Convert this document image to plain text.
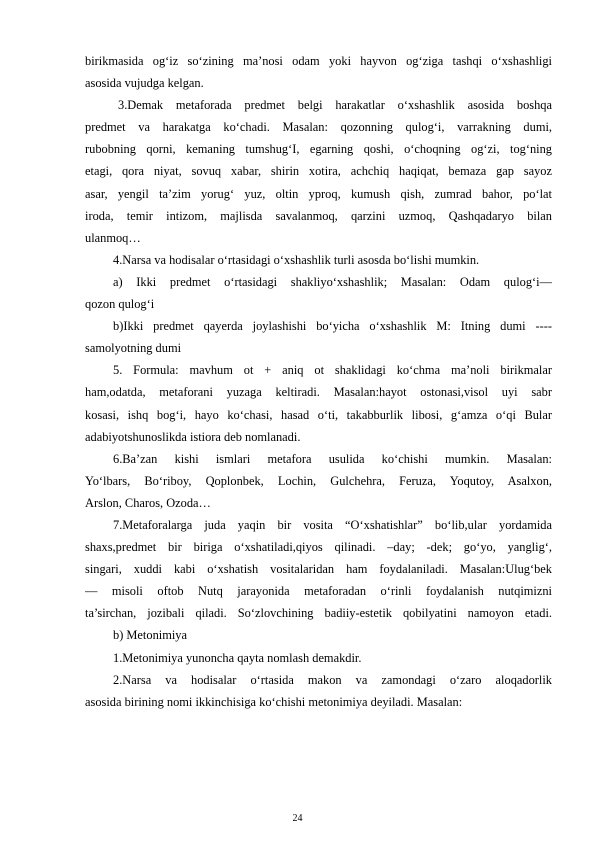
birikmasida og‘iz so‘zining ma’nosi odam yoki hayvon og‘ziga tashqi o‘xshashligi
asosida vujudga kelgan.
3.Demak metaforada predmet belgi harakatlar o‘xshashlik asosida boshqa
predmet va harakatga ko‘chadi. Masalan: qozonning qulog‘i, varrakning dumi,
rubobning qorni, kemaning tumshug‘I, egarning qoshi, o‘choqning og‘zi, tog‘ning
etagi, qora niyat, sovuq xabar, shirin xotira, achchiq haqiqat, bemaza gap sayoz
asar, yengil ta’zim yorug‘ yuz, oltin yproq, kumush qish, zumrad bahor, po‘lat
iroda, temir intizom, majlisda savalanmoq, qarzini uzmoq, Qashqadaryo bilan
ulanmoq…
4.Narsa va hodisalar o‘rtasidagi o‘xshashlik turli asosda bo‘lishi mumkin.
a) Ikki predmet o‘rtasidagi shakliyo‘xshashlik; Masalan: Odam qulog‘i—
qozon qulog‘i
b)Ikki predmet qayerda joylashishi bo‘yicha o‘xshashlik M: Itning dumi ----
samolyotning dumi
5. Formula: mavhum ot + aniq ot shaklidagi ko‘chma ma’noli birikmalar
ham,odatda, metaforani yuzaga keltiradi. Masalan:hayot ostonasi,visol uyi sabr
kosasi, ishq bog‘i, hayo ko‘chasi, hasad o‘ti, takabburlik libosi, g‘amza o‘qi Bular
adabiyotshunoslikda istiora deb nomlanadi.
6.Ba’zan kishi ismlari metafora usulida ko‘chishi mumkin. Masalan:
Yo‘lbars, Bo‘riboy, Qoplonbek, Lochin, Gulchehra, Feruza, Yoqutoy, Asalxon,
Arslon, Charos, Ozoda…
7.Metaforalarga juda yaqin bir vosita “O‘xshatishlar” bo‘lib,ular yordamida
shaxs,predmet bir biriga o‘xshatiladi,qiyos qilinadi. –day; -dek; go‘yo, yanglig‘,
singari, xuddi kabi o‘xshatish vositalaridan ham foydalaniladi. Masalan:Ulug‘bek
— misoli oftob Nutq jarayonida metaforadan o‘rinli foydalanish nutqimizni
ta’sirchan, jozibali qiladi. So‘zlovchining badiiy-estetik qobilyatini namoyon etadi.
b) Metonimiya
1.Metonimiya yunoncha qayta nomlash demakdir.
2.Narsa va hodisalar o‘rtasida makon va zamondagi o‘zaro aloqadorlik
asosida birining nomi ikkinchisiga ko‘chishi metonimiya deyiladi. Masalan:
24
